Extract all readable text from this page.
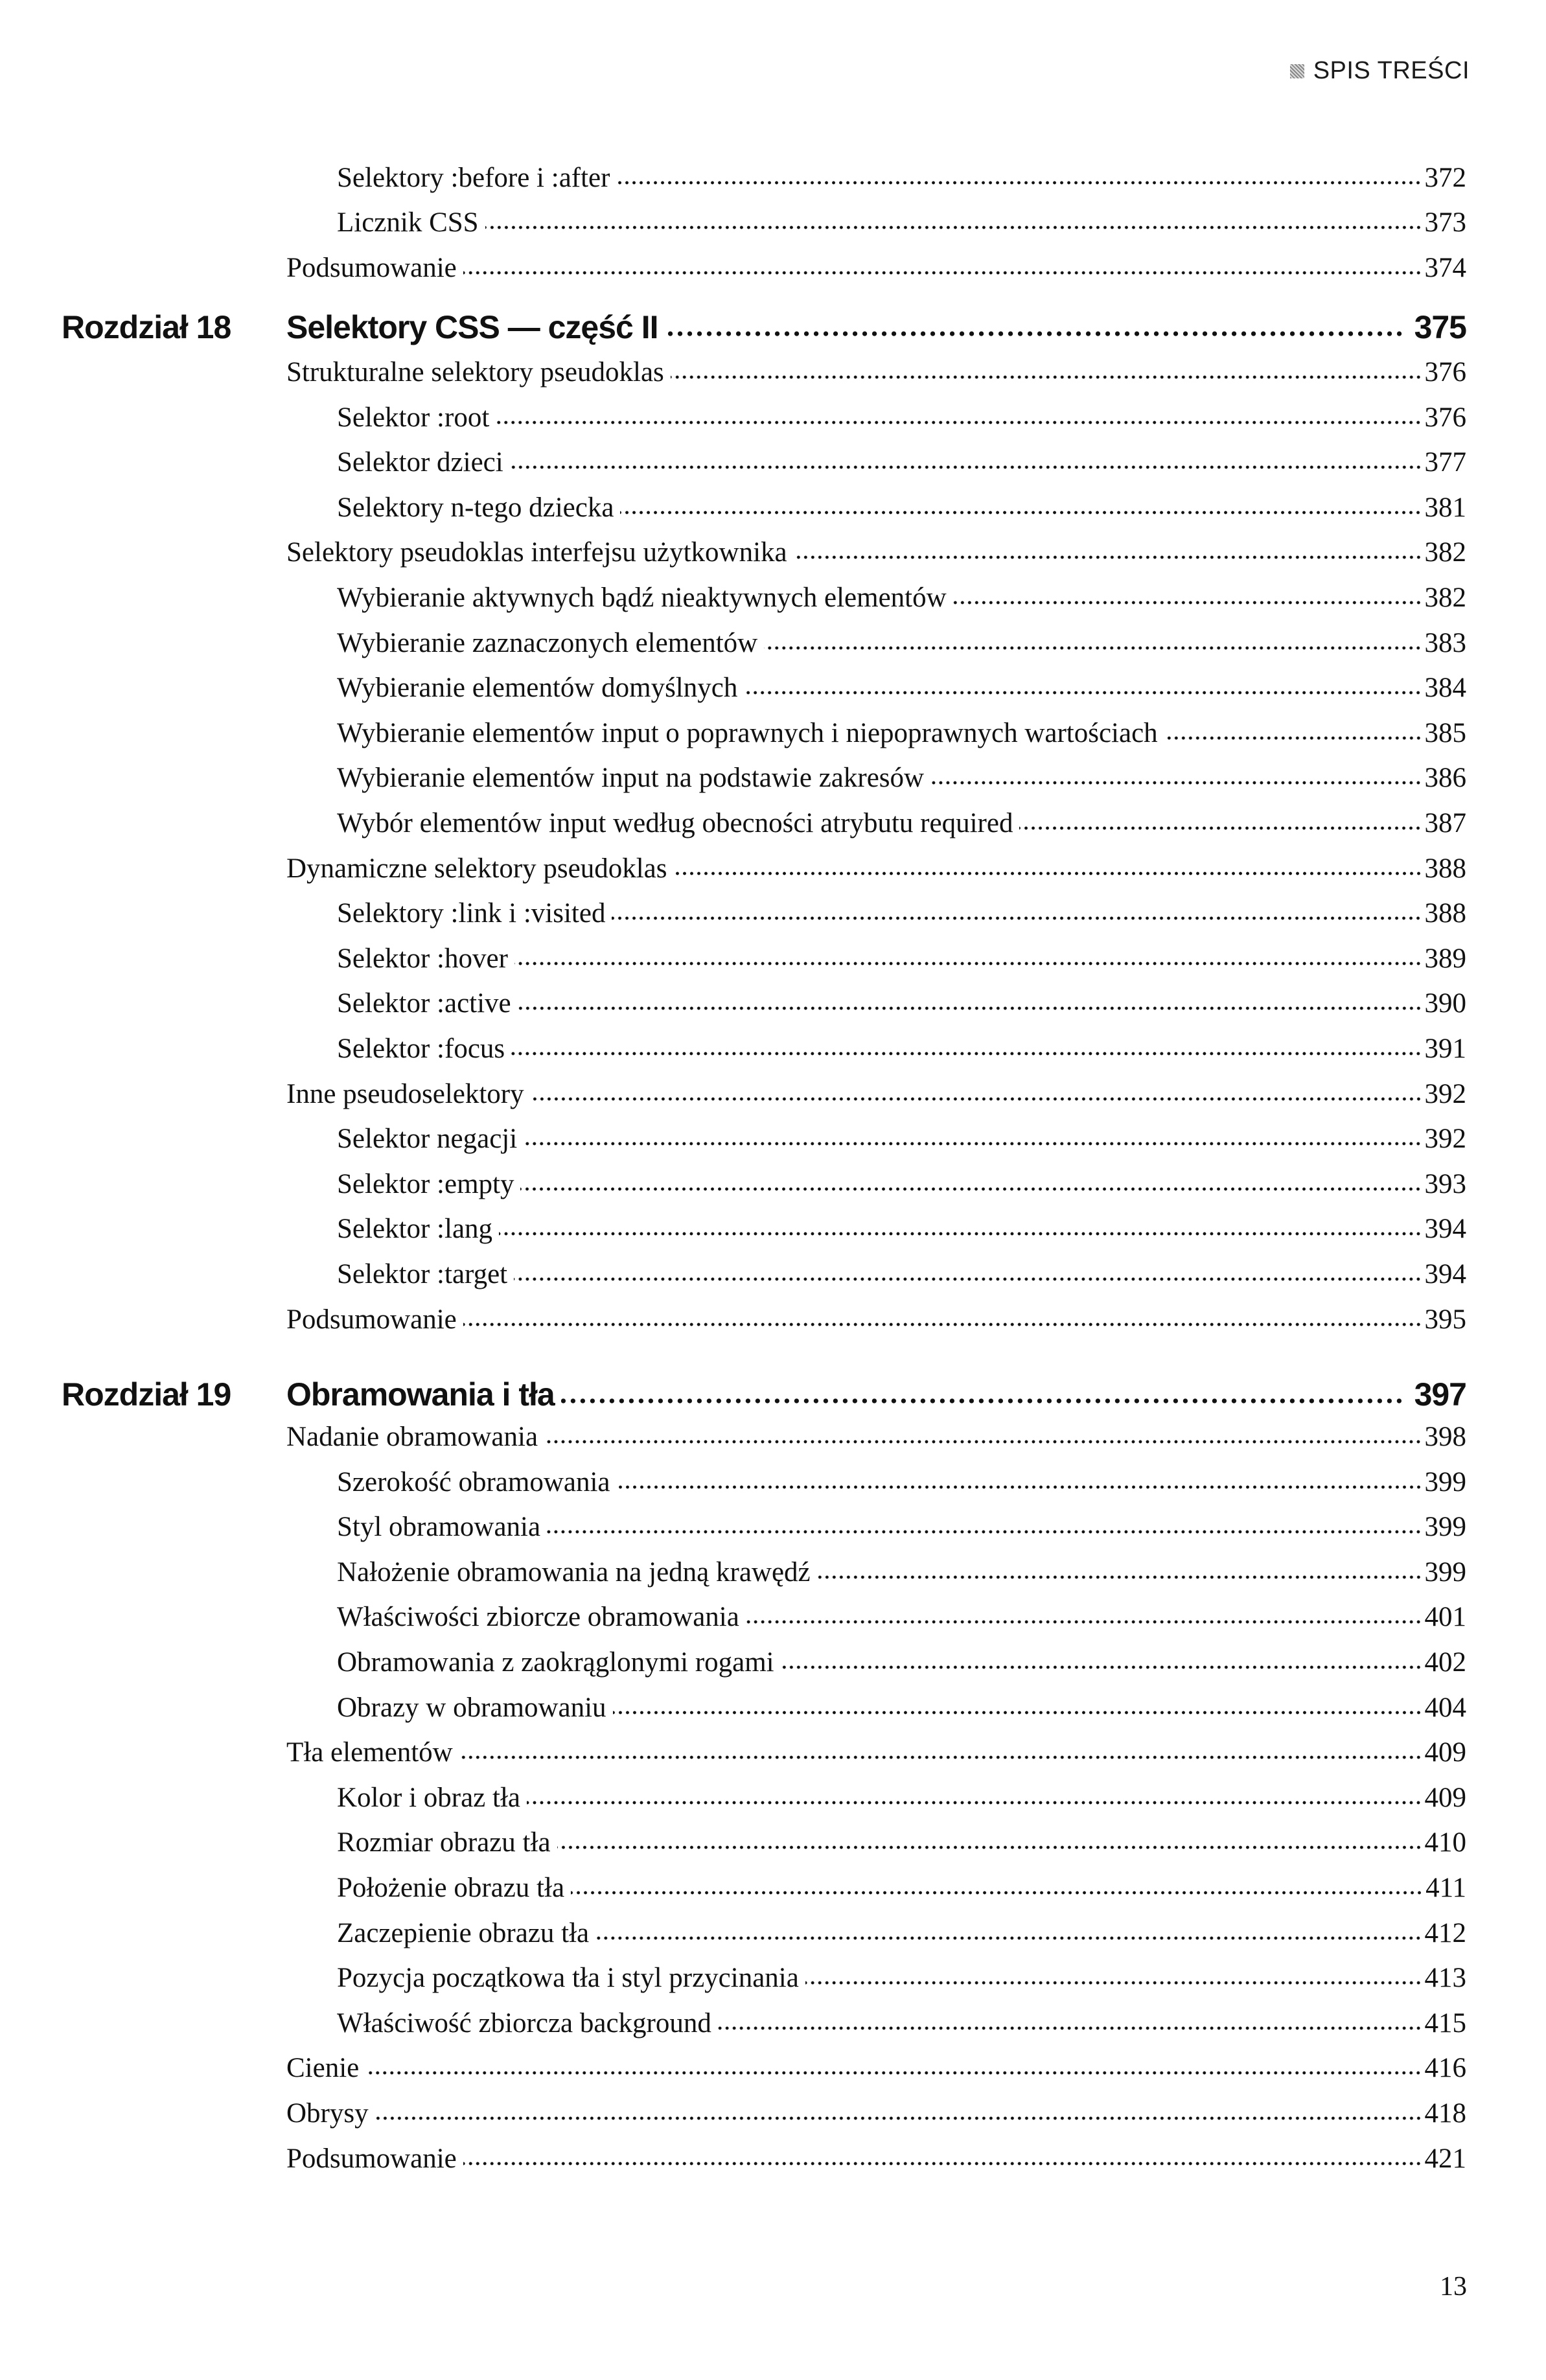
SPIS TREŚCI
Selektory :before i :after	372
Licznik CSS	373
Podsumowanie	374
Rozdział 18 Selektory CSS — część II	375
Strukturalne selektory pseudoklas	376
Selektor :root	376
Selektor dzieci	377
Selektory n-tego dziecka	381
Selektory pseudoklas interfejsu użytkownika	382
Wybieranie aktywnych bądź nieaktywnych elementów	382
Wybieranie zaznaczonych elementów	383
Wybieranie elementów domyślnych	384
Wybieranie elementów input o poprawnych i niepoprawnych wartościach	385
Wybieranie elementów input na podstawie zakresów	386
Wybór elementów input według obecności atrybutu required	387
Dynamiczne selektory pseudoklas	388
Selektory :link i :visited	388
Selektor :hover	389
Selektor :active	390
Selektor :focus	391
Inne pseudoselektory	392
Selektor negacji	392
Selektor :empty	393
Selektor :lang	394
Selektor :target	394
Podsumowanie	395
Rozdział 19 Obramowania i tła	397
Nadanie obramowania	398
Szerokość obramowania	399
Styl obramowania	399
Nałożenie obramowania na jedną krawędź	399
Właściwości zbiorcze obramowania	401
Obramowania z zaokrąglonymi rogami	402
Obrazy w obramowaniu	404
Tła elementów	409
Kolor i obraz tła	409
Rozmiar obrazu tła	410
Położenie obrazu tła	411
Zaczepienie obrazu tła	412
Pozycja początkowa tła i styl przycinania	413
Właściwość zbiorcza background	415
Cienie	416
Obrysy	418
Podsumowanie	421
13
